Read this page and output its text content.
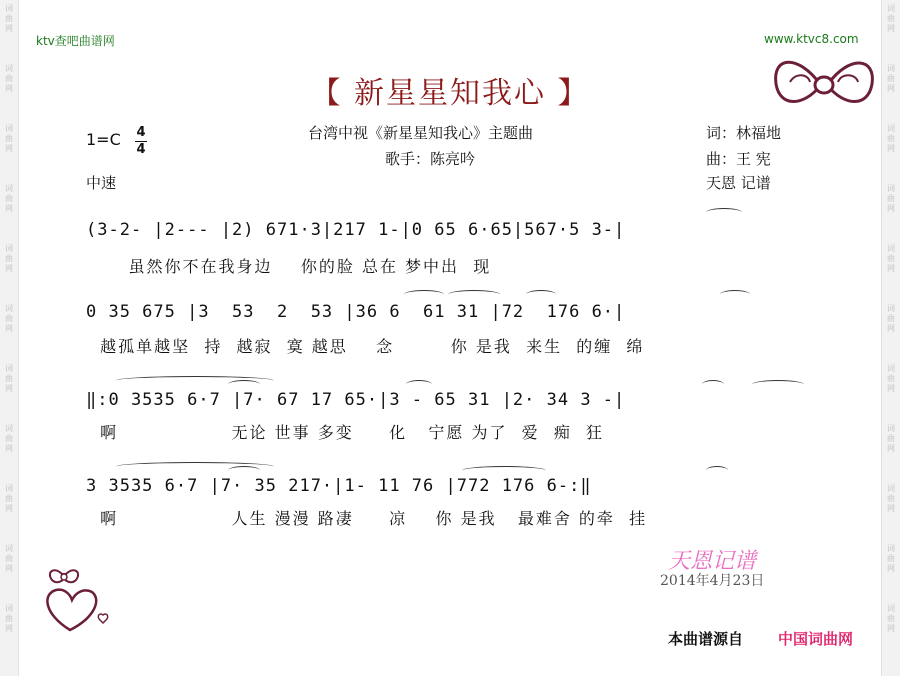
词曲网
词曲网
词曲网
词曲网
词曲网
词曲网
词曲网
词曲网
词曲网
词曲网
词曲网
词曲网
词曲网
词曲网
词曲网
词曲网
词曲网
词曲网
词曲网
词曲网
词曲网
词曲网
ktv查吧曲谱网	www.ktvc8.com
【 新星星知我心 】
1=C 4
4
中速
台湾中视《新星星知我心》主题曲
歌手：陈亮吟
词：林福地
曲：王 宪
天恩 记谱
(3-2- |2--- |2) 671·3|217 1-|0 65 6·65|567·5 3-|
虽然你不在我身边    你的脸 总在 梦中出  现
0 35 675 |3  53  2  53 |36 6  61 31 |72  176 6·|
越孤单越坚  持  越寂  寞 越思    念        你 是我  来生  的缠  绵
‖:0 3535 6·7 |7· 67 17 65·|3 - 65 31 |2· 34 3 -|
啊                无论 世事 多变     化   宁愿 为了  爱  痴  狂
3 3535 6·7 |7· 35 217·|1- 11 76 |772 176 6-:‖
啊                人生 漫漫 路凄     凉    你 是我   最难舍 的牵  挂
天恩记谱
2014年4月23日
本曲谱源自 中国词曲网
